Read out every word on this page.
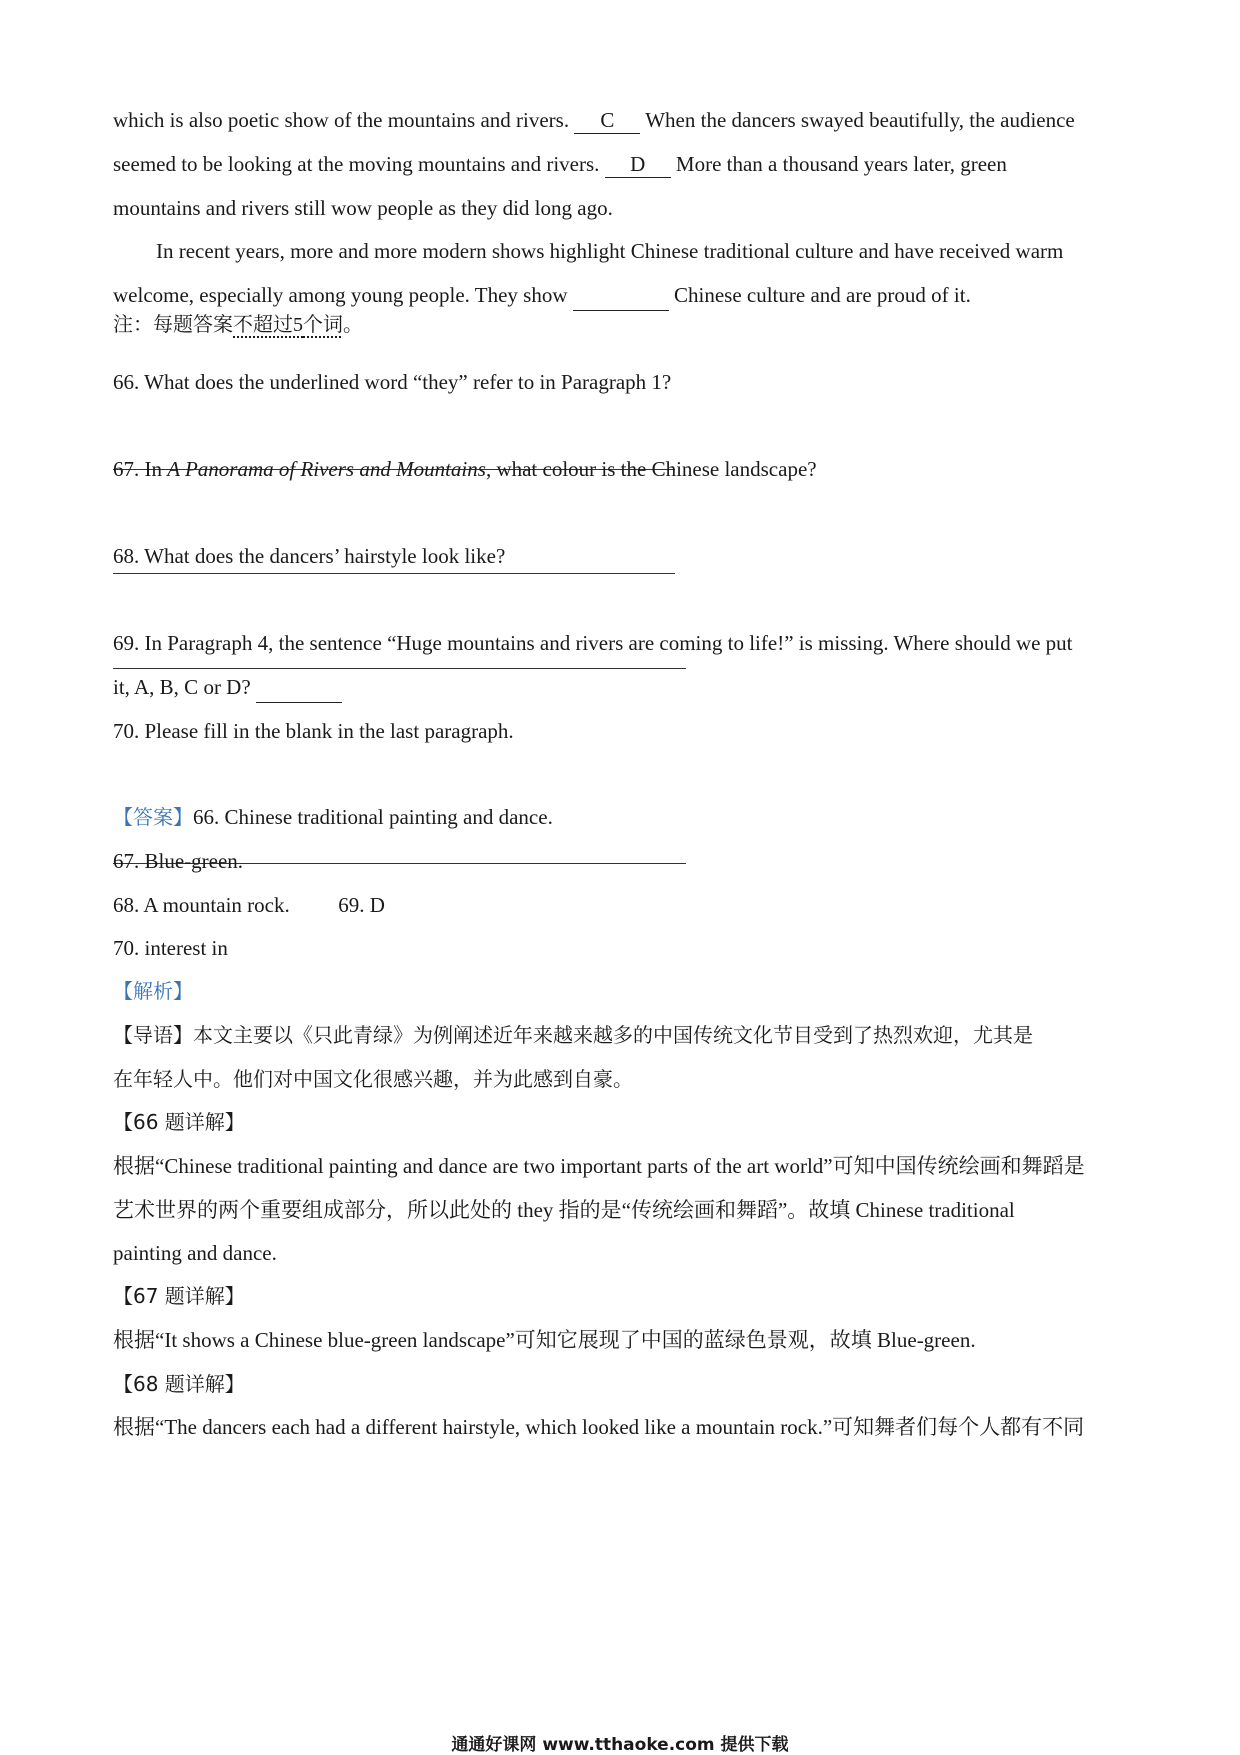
which is also poetic show of the mountains and rivers. C When the dancers swayed beautifully, the audience
seemed to be looking at the moving mountains and rivers. D More than a thousand years later, green
mountains and rivers still wow people as they did long ago.
In recent years, more and more modern shows highlight Chinese traditional culture and have received warm
welcome, especially among young people. They show	Chinese culture and are proud of it.
注：每题答案不超过5个词。
66. What does the underlined word “they” refer to in Paragraph 1?
67. In A Panorama of Rivers and Mountains, what colour is the Chinese landscape?
68. What does the dancers’ hairstyle look like?
69. In Paragraph 4, the sentence “Huge mountains and rivers are coming to life!” is missing. Where should we put
it, A, B, C or D?
70. Please fill in the blank in the last paragraph.
【答案】66. Chinese traditional painting and dance.
67. Blue-green.
68. A mountain rock. 69. D
70. interest in
【解析】
【导语】本文主要以《只此青绿》为例阐述近年来越来越多的中国传统文化节目受到了热烈欢迎，尤其是
在年轻人中。他们对中国文化很感兴趣，并为此感到自豪。
【66 题详解】
根据“Chinese traditional painting and dance are two important parts of the art world”可知中国传统绘画和舞蹈是
艺术世界的两个重要组成部分，所以此处的 they 指的是“传统绘画和舞蹈”。故填 Chinese traditional
painting and dance.
【67 题详解】
根据“It shows a Chinese blue-green landscape”可知它展现了中国的蓝绿色景观，故填 Blue-green.
【68 题详解】
根据“The dancers each had a different hairstyle, which looked like a mountain rock.”可知舞者们每个人都有不同
通通好课网 www.tthaoke.com 提供下载
